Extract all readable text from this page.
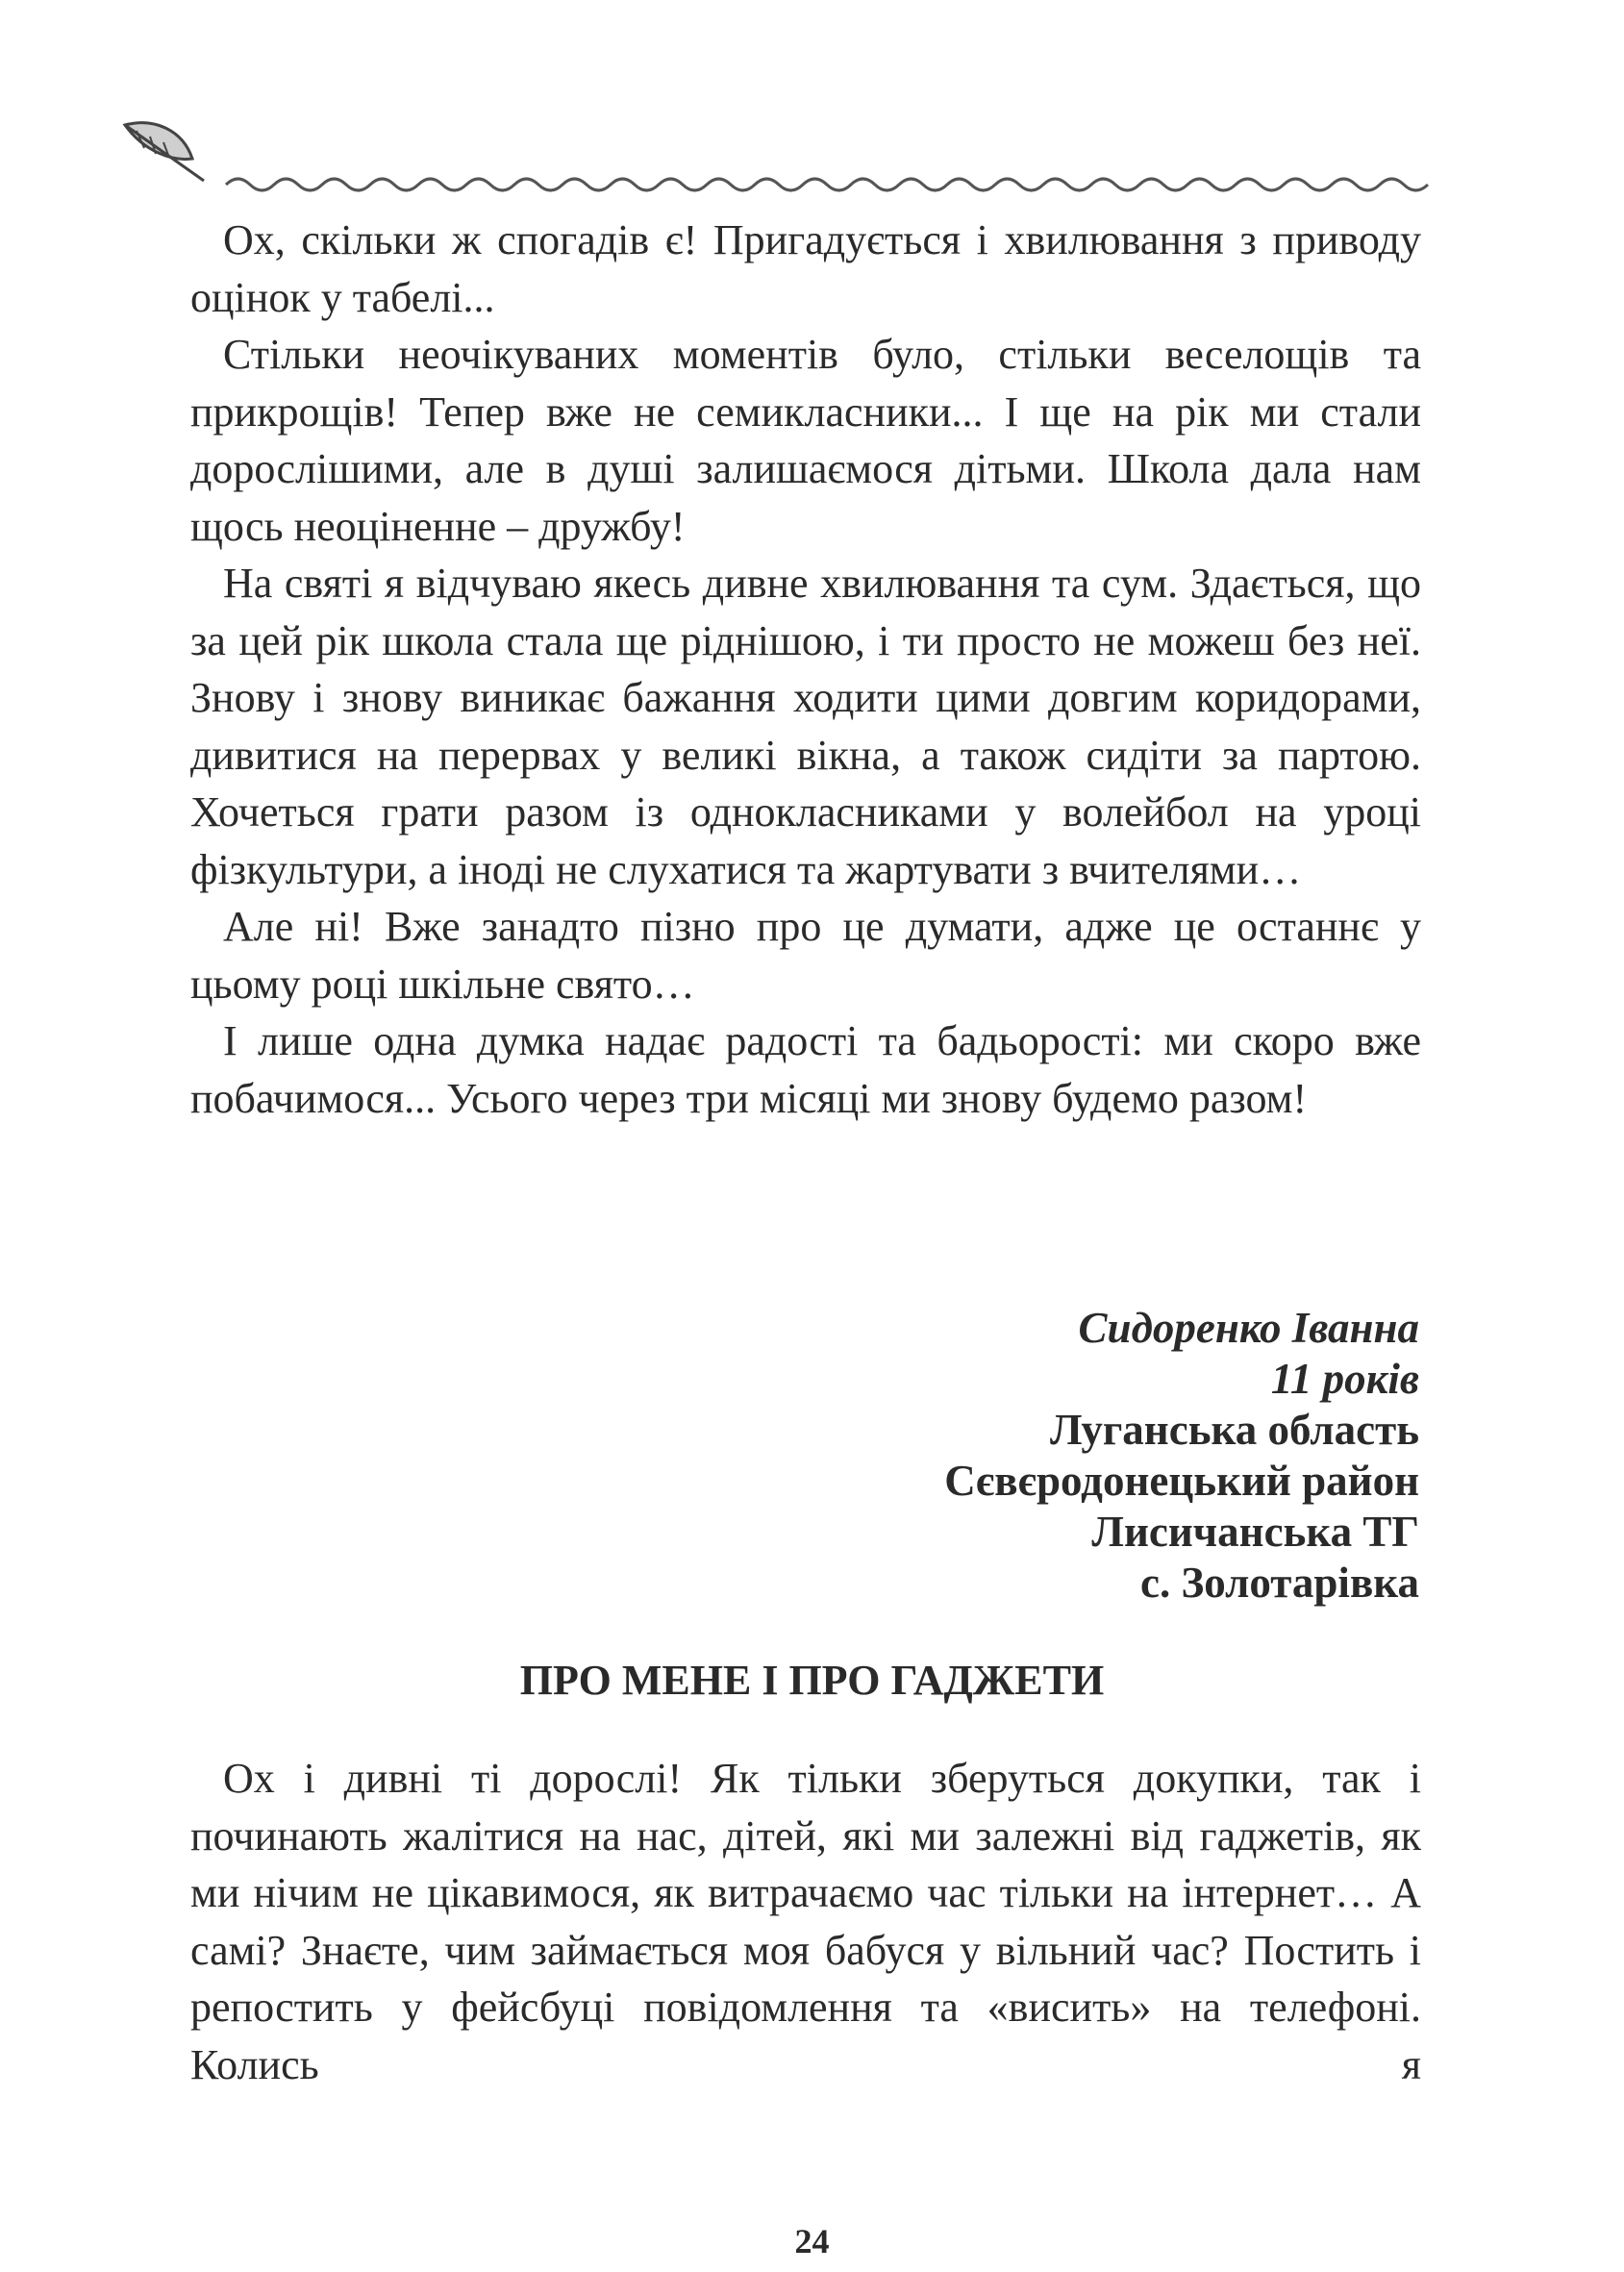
Ох, скільки ж спогадів є! Пригадується і хвилювання з приводу оцінок у табелі...

Стільки неочікуваних моментів було, стільки веселощів та прикрощів! Тепер вже не семикласники... І ще на рік ми стали дорослішими, але в душі залишаємося дітьми. Школа дала нам щось неоціненне – дружбу!

На святі я відчуваю якесь дивне хвилювання та сум. Здається, що за цей рік школа стала ще ріднішою, і ти просто не можеш без неї. Знову і знову виникає бажання ходити цими довгим коридорами, дивитися на перервах у великі вікна, а також сидіти за партою. Хочеться грати разом із однокласниками у волейбол на уроці фізкультури, а іноді не слухатися та жартувати з вчителями…

Але ні! Вже занадто пізно про це думати, адже це останнє у цьому році шкільне свято…

І лише одна думка надає радості та бадьорості: ми скоро вже побачимося... Усього через три місяці ми знову будемо разом!

Сидоренко Іванна
11 років
Луганська область
Сєвєродонецький район
Лисичанська ТГ
с. Золотарівка
ПРО МЕНЕ І ПРО ГАДЖЕТИ

Ох і дивні ті дорослі! Як тільки зберуться докупки, так і починають жалітися на нас, дітей, які ми залежні від гаджетів, як ми нічим не цікавимося, як витрачаємо час тільки на інтернет… А самі? Знаєте, чим займається моя бабуся у вільний час? Постить і репостить у фейсбуці повідомлення та «висить» на телефоні. Колись я

24
